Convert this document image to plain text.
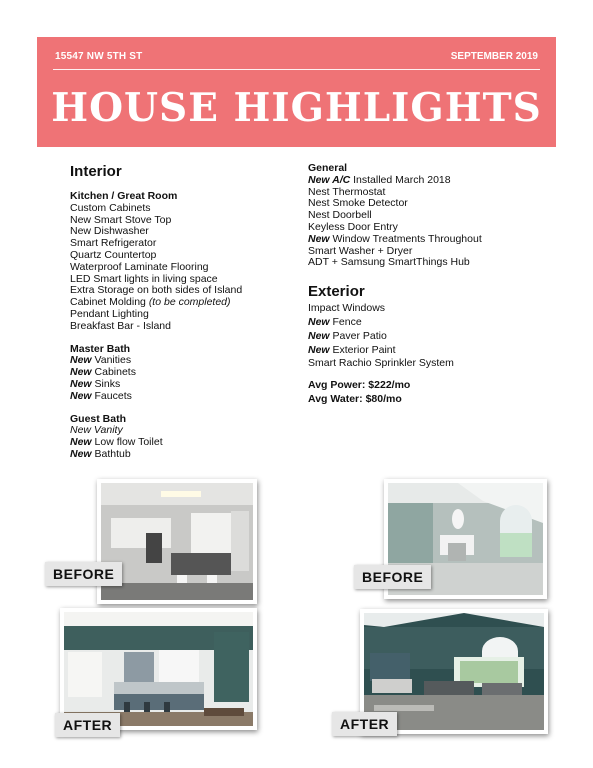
15547 NW 5TH ST	SEPTEMBER 2019
HOUSE HIGHLIGHTS
Interior
Kitchen / Great Room
Custom Cabinets
New Smart Stove Top
New Dishwasher
Smart Refrigerator
Quartz Countertop
Waterproof Laminate Flooring
LED Smart lights in living space
Extra Storage on both sides of Island
Cabinet Molding (to be completed)
Pendant Lighting
Breakfast Bar - Island
Master Bath
New Vanities
New Cabinets
New Sinks
New Faucets
Guest Bath
New Vanity
New Low flow Toilet
New Bathtub
General
New A/C Installed March 2018
Nest Thermostat
Nest Smoke Detector
Nest Doorbell
Keyless Door Entry
New Window Treatments Throughout
Smart Washer + Dryer
ADT + Samsung SmartThings Hub
Exterior
Impact Windows
New Fence
New Paver Patio
New Exterior Paint
Smart Rachio Sprinkler System
Avg Power: $222/mo
Avg Water: $80/mo
BEFORE
AFTER
BEFORE
AFTER
